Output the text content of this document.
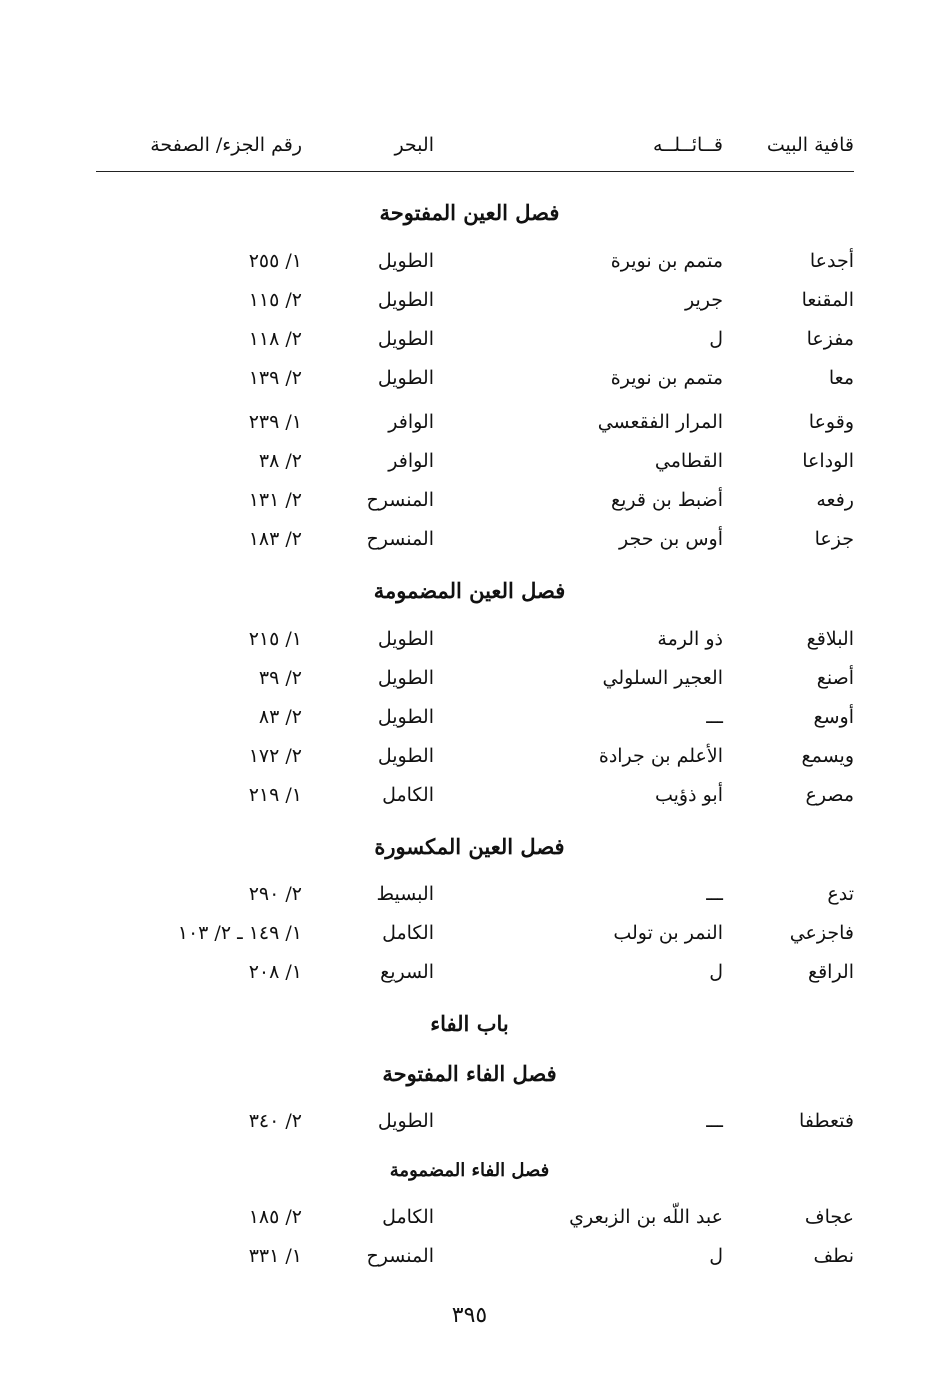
قافية البيت
قــائــلــه
البحر
رقم الجزء/ الصفحة
فصل العين المفتوحة
أجدعا
متمم بن نويرة
الطويل
١/ ٢٥٥
المقنعا
جرير
الطويل
٢/ ١١٥
مفزعا
ل
الطويل
٢/ ١١٨
معا
متمم بن نويرة
الطويل
٢/ ١٣٩
وقوعا
المرار الفقعسي
الوافر
١/ ٢٣٩
الوداعا
القطامي
الوافر
٢/ ٣٨
رفعه
أضبط بن قريع
المنسرح
٢/ ١٣١
جزعا
أوس بن حجر
المنسرح
٢/ ١٨٣
فصل العين المضمومة
البلاقع
ذو الرمة
الطويل
١/ ٢١٥
أصنع
العجير السلولي
الطويل
٢/ ٣٩
أوسع
ـــ
الطويل
٢/ ٨٣
ويسمع
الأعلم بن جرادة
الطويل
٢/ ١٧٢
مصرع
أبو ذؤيب
الكامل
١/ ٢١٩
فصل العين المكسورة
تدع
ـــ
البسيط
٢/ ٢٩٠
فاجزعي
النمر بن تولب
الكامل
١/ ١٤٩ ـ ٢/ ١٠٣
الراقع
ل
السريع
١/ ٢٠٨
باب الفاء
فصل الفاء المفتوحة
فتعطفا
ـــ
الطويل
٢/ ٣٤٠
فصل الفاء المضمومة
عجاف
عبد اللّه بن الزبعري
الكامل
٢/ ١٨٥
نطف
ل
المنسرح
١/ ٣٣١
٣٩٥
